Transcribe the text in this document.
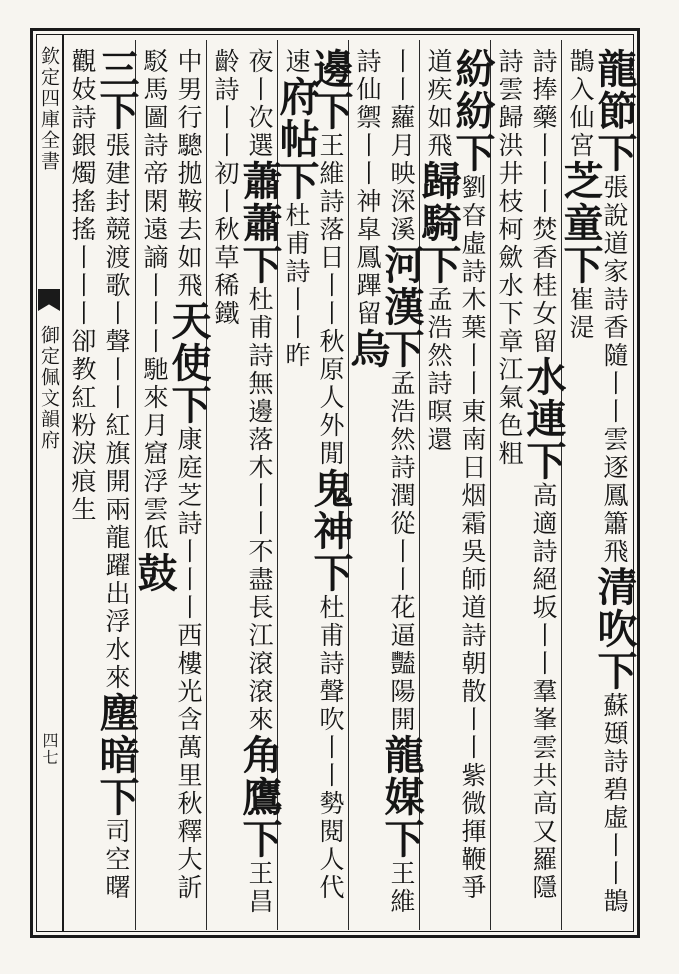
欽定四庫全書
御定佩文韻府
四七
龍節下張說道家詩香隨丨丨雲逐鳳簫飛清吹下蘇頲詩碧虛丨丨鵲鵲入仙宮芝童下崔湜
詩捧藥丨丨丨焚香桂女留水連下高適詩絕坂丨丨羣峯雲共高又羅隱詩雲歸洪井枝柯歛水下章江氣色粗
紛紛下劉昚虛詩木葉丨丨東南日烟霜吳師道詩朝散丨丨紫微揮鞭爭道疾如飛歸騎下孟浩然詩暝還
丨丨蘿月映深溪河漢下孟浩然詩潤從丨丨花逼豔陽開龍媒下王維詩仙禦丨丨神皐鳳蹕留烏
邊下王維詩落日丨丨秋原人外閒鬼神下杜甫詩聲吹丨丨勢閱人代速府帖下杜甫詩丨丨昨
夜丨次選蕭蕭下杜甫詩無邊落木丨丨不盡長江滾滾來角鷹下王昌齡詩丨丨初丨秋草稀鐵
中男行驄拋鞍去如飛天使下康庭芝詩丨丨丨西樓光含萬里秋釋大訢駁馬圖詩帝閑遠謪丨丨丨馳來月窟浮雲低鼓
三下張建封競渡歌丨聲丨丨紅旗開兩龍躍出浮水來塵暗下司空曙觀妓詩銀燭搖搖丨丨丨卻教紅粉淚痕生
